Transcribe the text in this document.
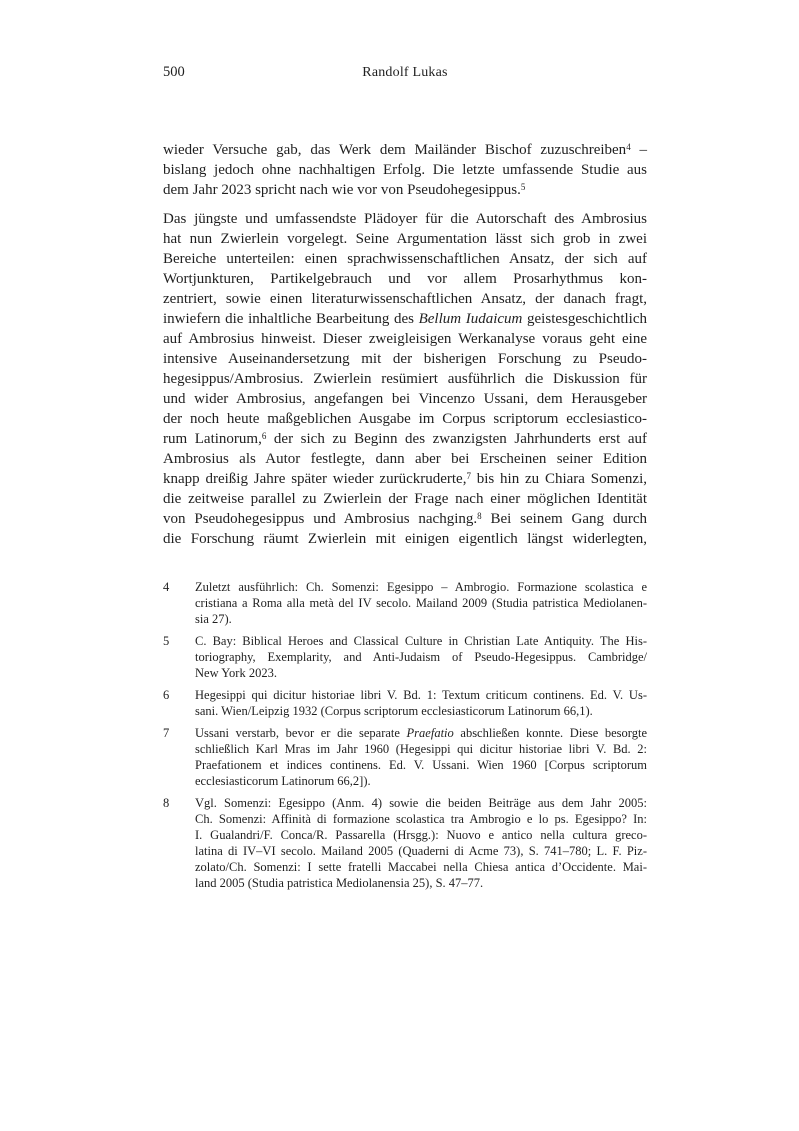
500	Randolf Lukas
wieder Versuche gab, das Werk dem Mailänder Bischof zuzuschreiben$^4$ –
bislang jedoch ohne nachhaltigen Erfolg. Die letzte umfassende Studie aus
dem Jahr 2023 spricht nach wie vor von Pseudohegesippus.$^5$
Das jüngste und umfassendste Plädoyer für die Autorschaft des Ambrosius
hat nun Zwierlein vorgelegt. Seine Argumentation lässt sich grob in zwei
Bereiche unterteilen: einen sprachwissenschaftlichen Ansatz, der sich auf
Wortjunkturen, Partikelgebrauch und vor allem Prosarhythmus kon-
zentriert, sowie einen literaturwissenschaftlichen Ansatz, der danach fragt,
inwiefern die inhaltliche Bearbeitung des Bellum Iudaicum geistesgeschichtlich
auf Ambrosius hinweist. Dieser zweigleisigen Werkanalyse voraus geht eine
intensive Auseinandersetzung mit der bisherigen Forschung zu Pseudo-
hegesippus/Ambrosius. Zwierlein resümiert ausführlich die Diskussion für
und wider Ambrosius, angefangen bei Vincenzo Ussani, dem Herausgeber
der noch heute maßgeblichen Ausgabe im Corpus scriptorum ecclesiastico-
rum Latinorum,$^6$ der sich zu Beginn des zwanzigsten Jahrhunderts erst auf
Ambrosius als Autor festlegte, dann aber bei Erscheinen seiner Edition
knapp dreißig Jahre später wieder zurückruderte,$^7$ bis hin zu Chiara Somenzi,
die zeitweise parallel zu Zwierlein der Frage nach einer möglichen Identität
von Pseudohegesippus und Ambrosius nachging.$^8$ Bei seinem Gang durch
die Forschung räumt Zwierlein mit einigen eigentlich längst widerlegten,
4	Zuletzt ausführlich: Ch. Somenzi: Egesippo – Ambrogio. Formazione scolastica e
cristiana a Roma alla metà del IV secolo. Mailand 2009 (Studia patristica Mediolanen-
sia 27).
5	C. Bay: Biblical Heroes and Classical Culture in Christian Late Antiquity. The His-
toriography, Exemplarity, and Anti-Judaism of Pseudo-Hegesippus. Cambridge/
New York 2023.
6	Hegesippi qui dicitur historiae libri V. Bd. 1: Textum criticum continens. Ed. V. Us-
sani. Wien/Leipzig 1932 (Corpus scriptorum ecclesiasticorum Latinorum 66,1).
7	Ussani verstarb, bevor er die separate Praefatio abschließen konnte. Diese besorgte
schließlich Karl Mras im Jahr 1960 (Hegesippi qui dicitur historiae libri V. Bd. 2:
Praefationem et indices continens. Ed. V. Ussani. Wien 1960 [Corpus scriptorum
ecclesiasticorum Latinorum 66,2]).
8	Vgl. Somenzi: Egesippo (Anm. 4) sowie die beiden Beiträge aus dem Jahr 2005:
Ch. Somenzi: Affinità di formazione scolastica tra Ambrogio e lo ps. Egesippo? In:
I. Gualandri/F. Conca/R. Passarella (Hrsgg.): Nuovo e antico nella cultura greco-
latina di IV–VI secolo. Mailand 2005 (Quaderni di Acme 73), S. 741–780; L. F. Piz-
zolato/Ch. Somenzi: I sette fratelli Maccabei nella Chiesa antica d’Occidente. Mai-
land 2005 (Studia patristica Mediolanensia 25), S. 47–77.
